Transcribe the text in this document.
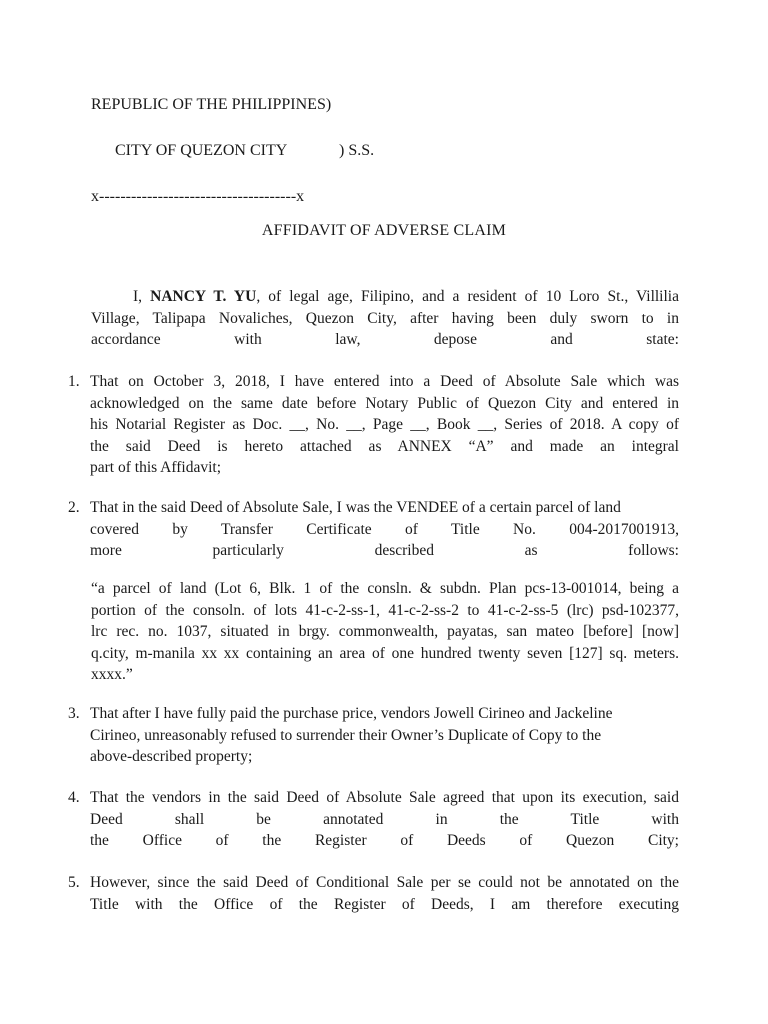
REPUBLIC OF THE PHILIPPINES)

CITY OF QUEZON CITY	) S.S.

x-------------------------------------x
AFFIDAVIT OF ADVERSE CLAIM
I, NANCY T. YU, of legal age, Filipino, and a resident of 10 Loro St., Villilia
Village, Talipapa Novaliches, Quezon City, after having been duly sworn to in
accordance with law, depose and state:
1. That on October 3, 2018, I have entered into a Deed of Absolute Sale which was
acknowledged on the same date before Notary Public of Quezon City and entered in
his Notarial Register as Doc. __, No. __, Page __, Book __, Series of 2018. A copy of
the said Deed is hereto attached as ANNEX “A” and made an integral
part of this Affidavit;
2. That in the said Deed of Absolute Sale, I was the VENDEE of a certain parcel of land
covered by Transfer Certificate of Title No. 004-2017001913,
more particularly described as follows:
“a parcel of land (Lot 6, Blk. 1 of the consln. & subdn. Plan pcs-13-001014, being a
portion of the consoln. of lots 41-c-2-ss-1, 41-c-2-ss-2 to 41-c-2-ss-5 (lrc) psd-102377,
lrc rec. no. 1037, situated in brgy. commonwealth, payatas, san mateo [before] [now]
q.city, m-manila xx xx containing an area of one hundred twenty seven [127] sq. meters.
xxxx.”
3. That after I have fully paid the purchase price, vendors Jowell Cirineo and Jackeline
Cirineo, unreasonably refused to surrender their Owner’s Duplicate of Copy to the
above-described property;
4. That the vendors in the said Deed of Absolute Sale agreed that upon its execution, said
Deed shall be annotated in the Title with
the Office of the Register of Deeds of Quezon City;
5. However, since the said Deed of Conditional Sale per se could not be annotated on the
Title with the Office of the Register of Deeds, I am therefore executing
